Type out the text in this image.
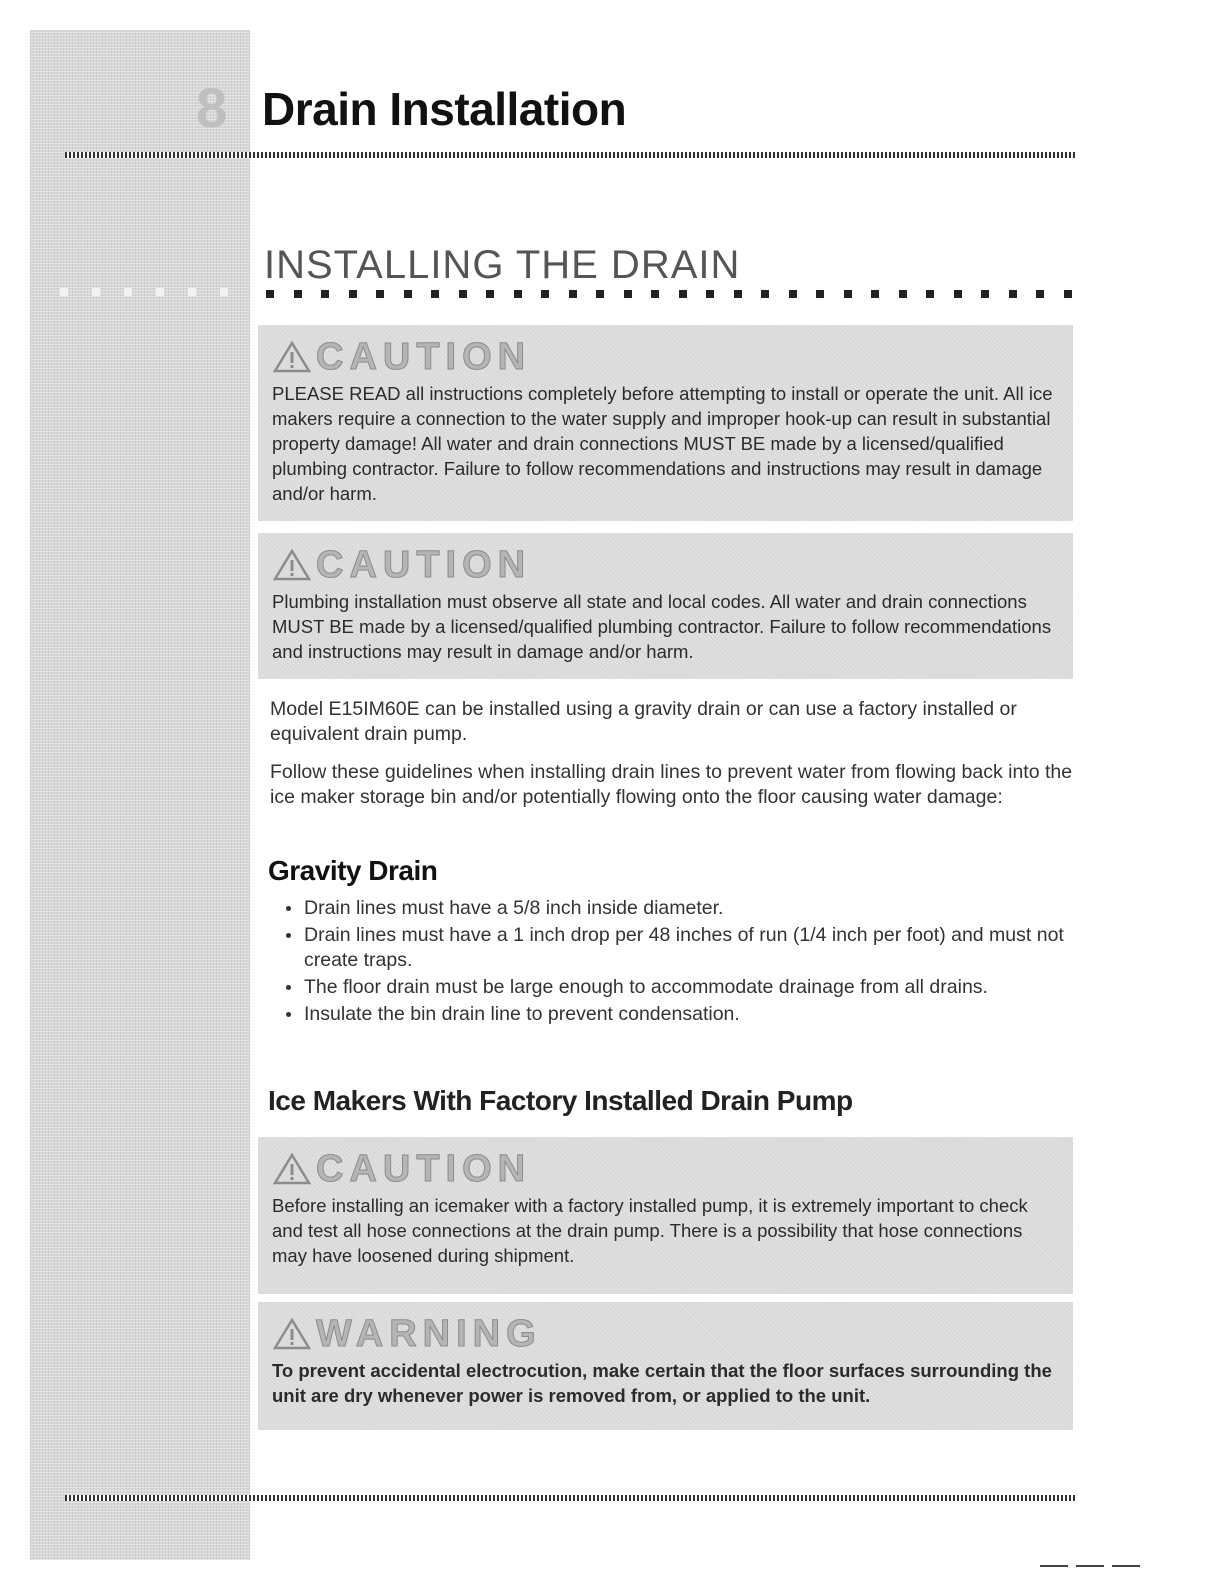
8 Drain Installation
INSTALLING THE DRAIN
CAUTION

PLEASE READ all instructions completely before attempting to install or operate the unit. All ice makers require a connection to the water supply and improper hook-up can result in substantial property damage! All water and drain connections MUST BE made by a licensed/qualified plumbing contractor. Failure to follow recommendations and instructions may result in damage and/or harm.

CAUTION

Plumbing installation must observe all state and local codes. All water and drain connections MUST BE made by a licensed/qualified plumbing contractor. Failure to follow recommendations and instructions may result in damage and/or harm.

Model E15IM60E can be installed using a gravity drain or can use a factory installed or equivalent drain pump.

Follow these guidelines when installing drain lines to prevent water from flowing back into the ice maker storage bin and/or potentially flowing onto the floor causing water damage:

Gravity Drain
Drain lines must have a 5/8 inch inside diameter.
Drain lines must have a 1 inch drop per 48 inches of run (1/4 inch per foot) and must not create traps.
The floor drain must be large enough to accommodate drainage from all drains.
Insulate the bin drain line to prevent condensation.
Ice Makers With Factory Installed Drain Pump
CAUTION

Before installing an icemaker with a factory installed pump, it is extremely important to check and test all hose connections at the drain pump. There is a possibility that hose connections may have loosened during shipment.

WARNING

To prevent accidental electrocution, make certain that the floor surfaces surrounding the unit are dry whenever power is removed from, or applied to the unit.
